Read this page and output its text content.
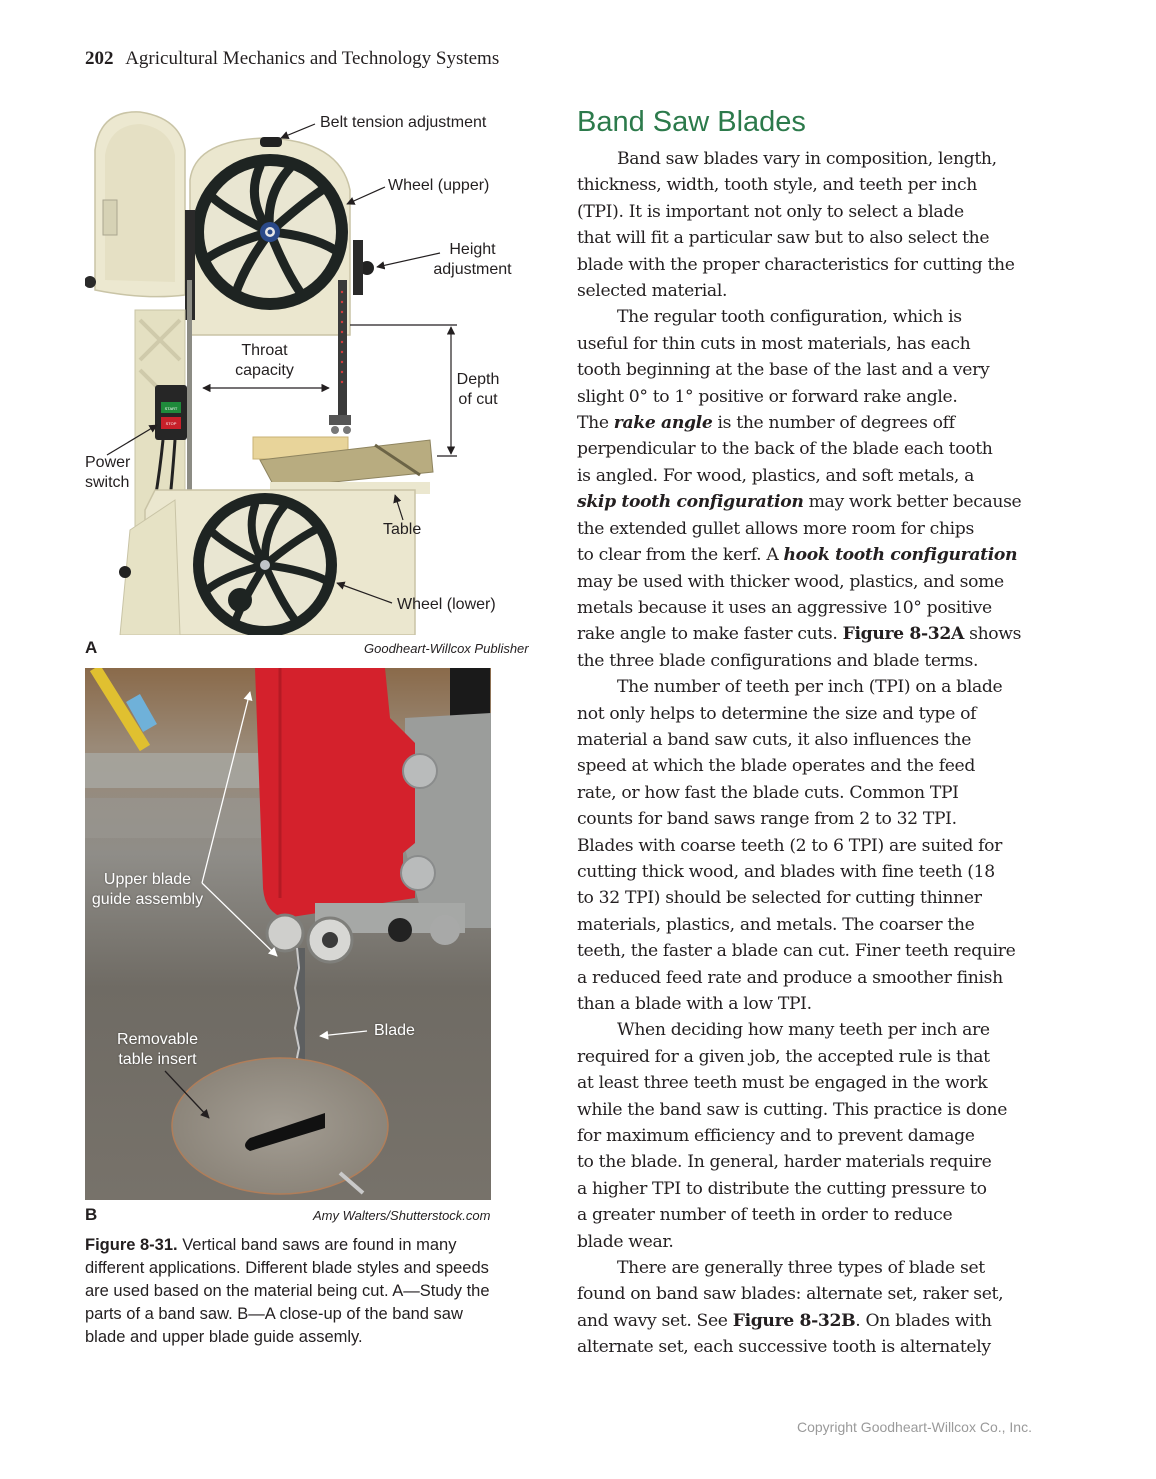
202 Agricultural Mechanics and Technology Systems
START
STOP
Belt tension adjustment
Wheel (upper)
Height
adjustment
Throat
capacity
Depth
of cut
Power
switch
Table
Wheel (lower)
A	Goodheart-Willcox Publisher
Upper blade
guide assembly
Blade
Removable
table insert
B	Amy Walters/Shutterstock.com
Figure 8-31. Vertical band saws are found in many different applications. Different blade styles and speeds are used based on the material being cut. A—Study the parts of a band saw. B—A close-up of the band saw blade and upper blade guide assemly.
Band Saw Blades
Band saw blades vary in composition, length,
thickness, width, tooth style, and teeth per inch
(TPI). It is important not only to select a blade
that will fit a particular saw but to also select the
blade with the proper characteristics for cutting the
selected material.
The regular tooth configuration, which is
useful for thin cuts in most materials, has each
tooth beginning at the base of the last and a very
slight 0° to 1° positive or forward rake angle.
The rake angle is the number of degrees off
perpendicular to the back of the blade each tooth
is angled. For wood, plastics, and soft metals, a
skip tooth configuration may work better because
the extended gullet allows more room for chips
to clear from the kerf. A hook tooth configuration
may be used with thicker wood, plastics, and some
metals because it uses an aggressive 10° positive
rake angle to make faster cuts. Figure 8-32A shows
the three blade configurations and blade terms.
The number of teeth per inch (TPI) on a blade
not only helps to determine the size and type of
material a band saw cuts, it also influences the
speed at which the blade operates and the feed
rate, or how fast the blade cuts. Common TPI
counts for band saws range from 2 to 32 TPI.
Blades with coarse teeth (2 to 6 TPI) are suited for
cutting thick wood, and blades with fine teeth (18
to 32 TPI) should be selected for cutting thinner
materials, plastics, and metals. The coarser the
teeth, the faster a blade can cut. Finer teeth require
a reduced feed rate and produce a smoother finish
than a blade with a low TPI.
When deciding how many teeth per inch are
required for a given job, the accepted rule is that
at least three teeth must be engaged in the work
while the band saw is cutting. This practice is done
for maximum efficiency and to prevent damage
to the blade. In general, harder materials require
a higher TPI to distribute the cutting pressure to
a greater number of teeth in order to reduce
blade wear.
There are generally three types of blade set
found on band saw blades: alternate set, raker set,
and wavy set. See Figure 8-32B. On blades with
alternate set, each successive tooth is alternately
Copyright Goodheart-Willcox Co., Inc.
